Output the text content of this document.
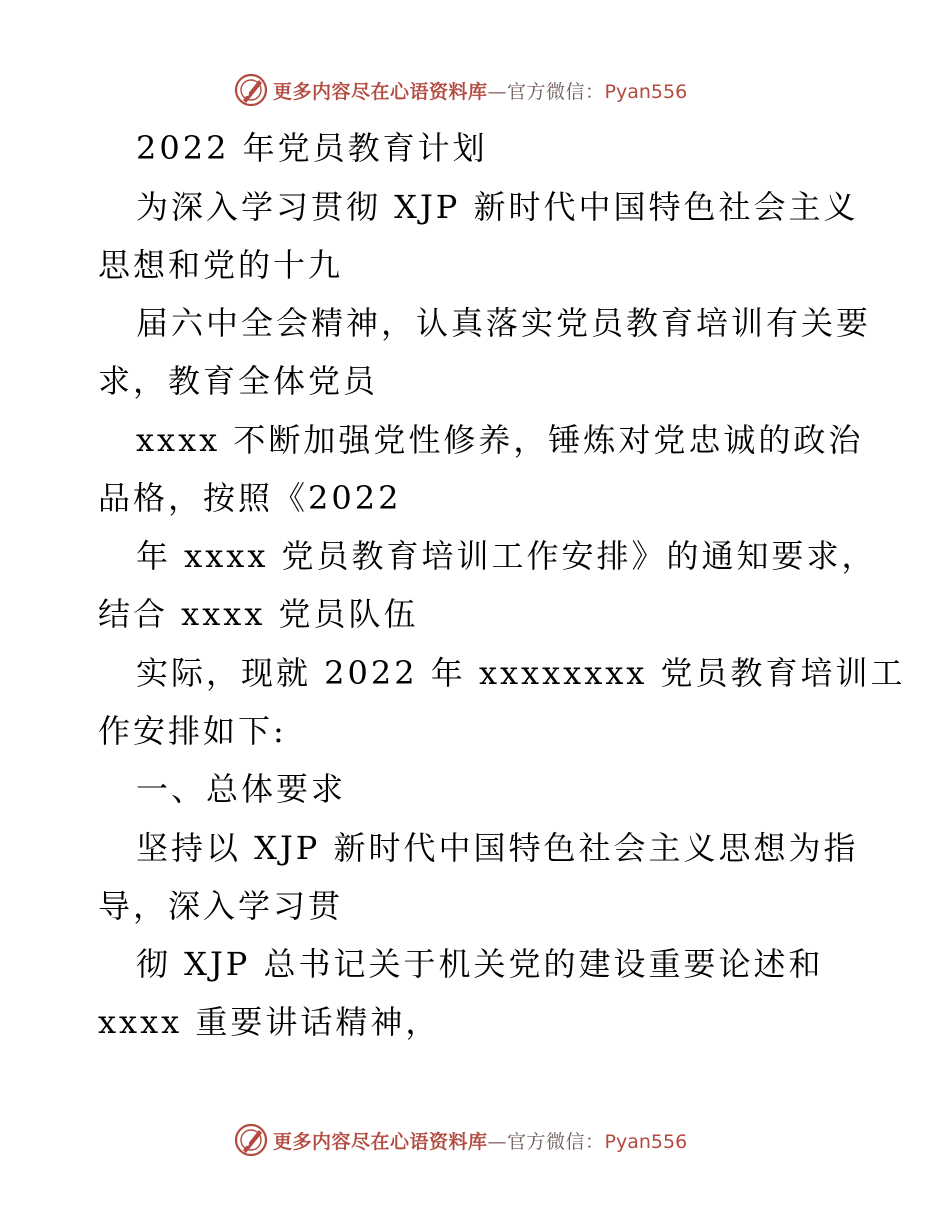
更多内容尽在心语资料库—官方微信：Pyan556
2022 年党员教育计划
为深入学习贯彻 XJP 新时代中国特色社会主义
思想和党的十九
届六中全会精神，认真落实党员教育培训有关要
求，教育全体党员
xxxx 不断加强党性修养，锤炼对党忠诚的政治
品格，按照《2022
年 xxxx 党员教育培训工作安排》的通知要求，
结合 xxxx 党员队伍
实际，现就 2022 年 xxxxxxxx 党员教育培训工
作安排如下:
一、总体要求
坚持以 XJP 新时代中国特色社会主义思想为指
导，深入学习贯
彻 XJP 总书记关于机关党的建设重要论述和
xxxx 重要讲话精神，
更多内容尽在心语资料库—官方微信：Pyan556
